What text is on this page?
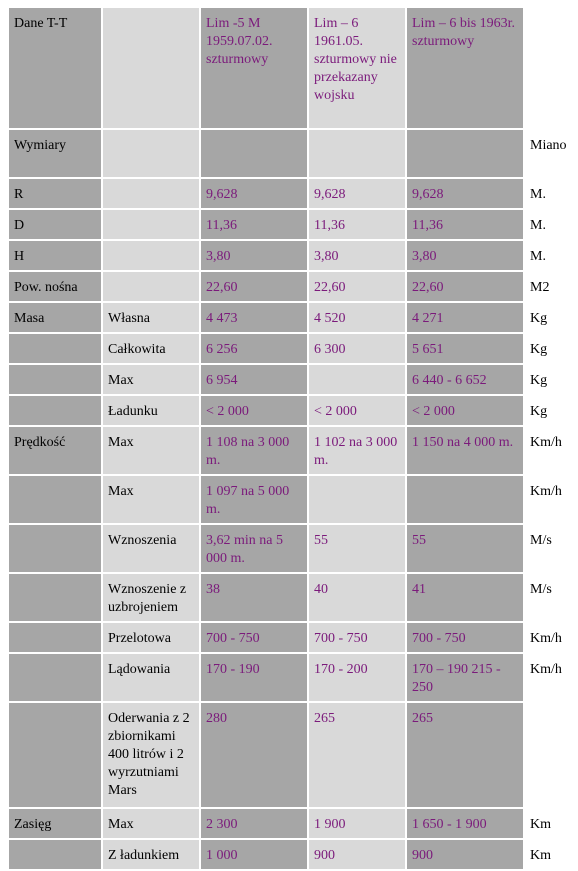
Dane T-T		Lim -5 M 1959.07.02. szturmowy	Lim – 6 1961.05. szturmowy nie przekazany wojsku	Lim – 6 bis 1963r. szturmowy	
Wymiary					Miano
R		9,628	9,628	9,628	M.
D		11,36	11,36	11,36	M.
H		3,80	3,80	3,80	M.
Pow. nośna		22,60	22,60	22,60	M2
Masa	Własna	4 473	4 520	4 271	Kg
	Całkowita	6 256	6 300	5 651	Kg
	Max	6 954		6 440 - 6 652	Kg
	Ładunku	< 2 000	< 2 000	< 2 000	Kg
Prędkość	Max	1 108 na 3 000 m.	1 102 na 3 000 m.	1 150 na 4 000 m.	Km/h
	Max	1 097 na 5 000 m.			Km/h
	Wznoszenia	3,62 min na 5 000 m.	55	55	M/s
	Wznoszenie z uzbrojeniem	38	40	41	M/s
	Przelotowa	700 - 750	700 - 750	700 - 750	Km/h
	Lądowania	170 - 190	170 - 200	170 – 190 215 - 250	Km/h
	Oderwania z 2 zbiornikami 400 litrów i 2 wyrzutniami Mars	280	265	265	
Zasięg	Max	2 300	1 900	1 650 - 1 900	Km
	Z ładunkiem	1 000	900	900	Km
